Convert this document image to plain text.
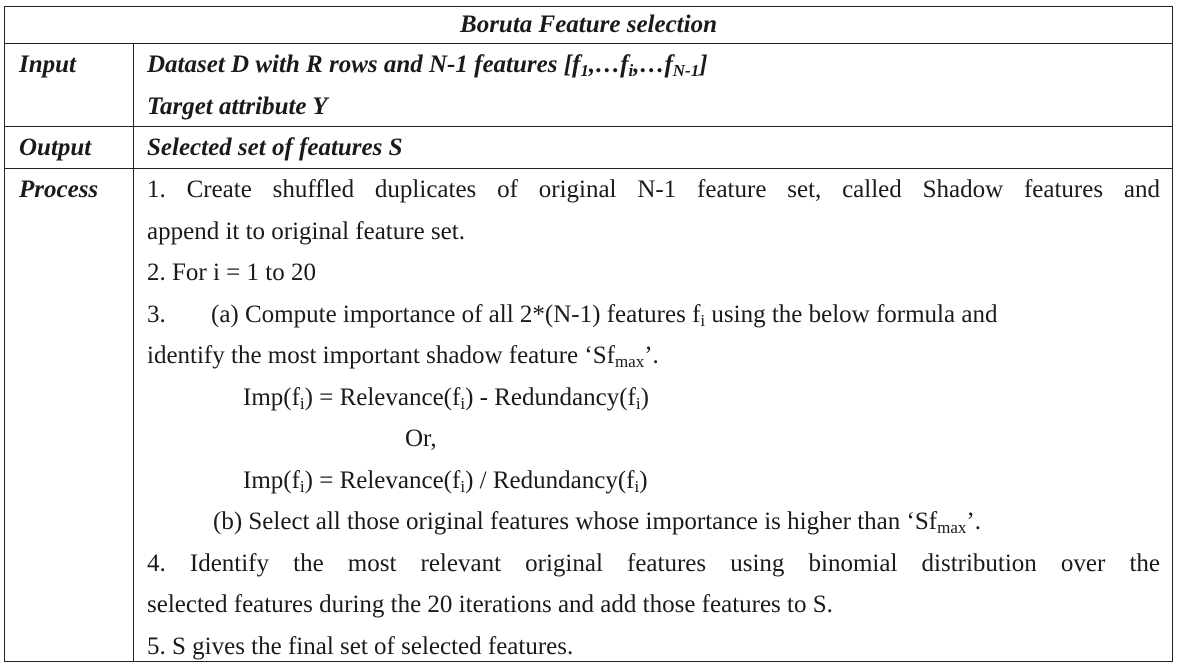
Boruta Feature selection
Input	Dataset D with R rows and N-1 features $[f_1,\dots f_i,\dots f_{N-1}]$
Target attribute Y
Output Selected set of features S
Process 1. Create shuffled duplicates of original N-1 feature set, called Shadow features and
append it to original feature set.
2. For i = 1 to 20
3.	(a) Compute importance of all 2*(N-1) features $f_i$ using the below formula and
identify the most important shadow feature ‘$Sf_{max}$’.
$Imp(f_i)$ = $Relevance(f_i)$ - $Redundancy(f_i)$
Or,
$Imp(f_i)$ = $Relevance(f_i)$ / $Redundancy(f_i)$
(b) Select all those original features whose importance is higher than ‘$Sf_{max}$’.
4. Identify the most relevant original features using binomial distribution over the
selected features during the 20 iterations and add those features to S.
5. S gives the final set of selected features.
